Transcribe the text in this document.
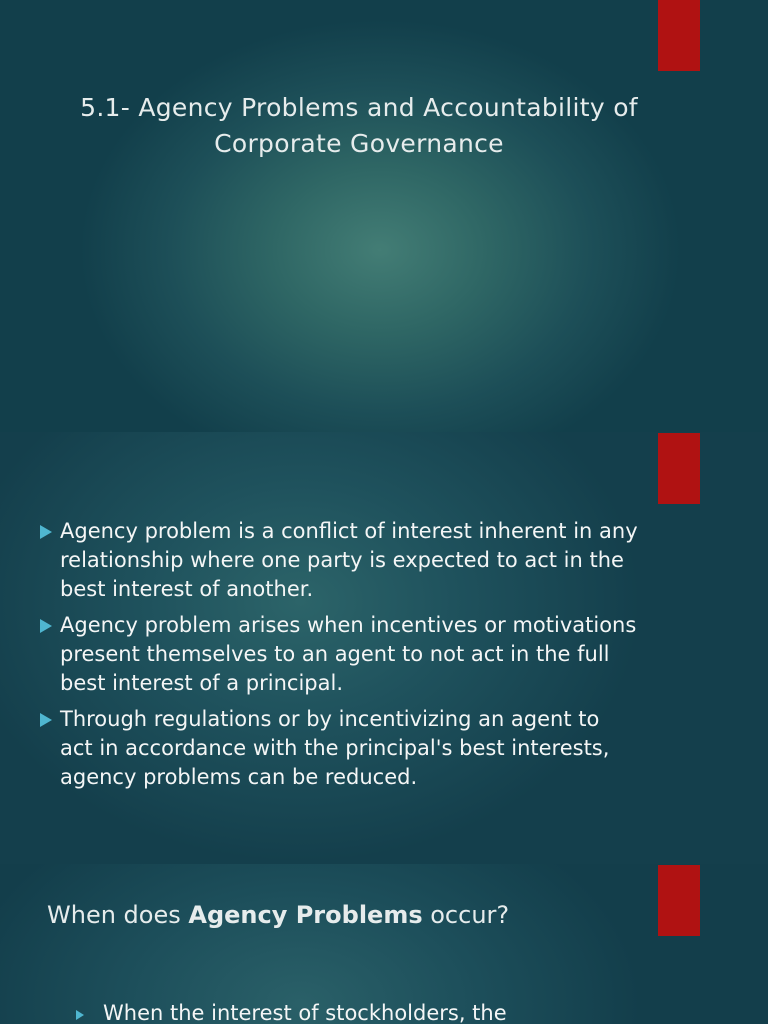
5.1- Agency Problems and Accountability of
Corporate Governance
Agency problem is a conflict of interest inherent in any relationship where one party is expected to act in the best interest of another.
Agency problem arises when incentives or motivations present themselves to an agent to not act in the full best interest of a principal.
Through regulations or by incentivizing an agent to act in accordance with the principal's best interests, agency problems can be reduced.
When does Agency Problems occur?
When the interest of stockholders, the
